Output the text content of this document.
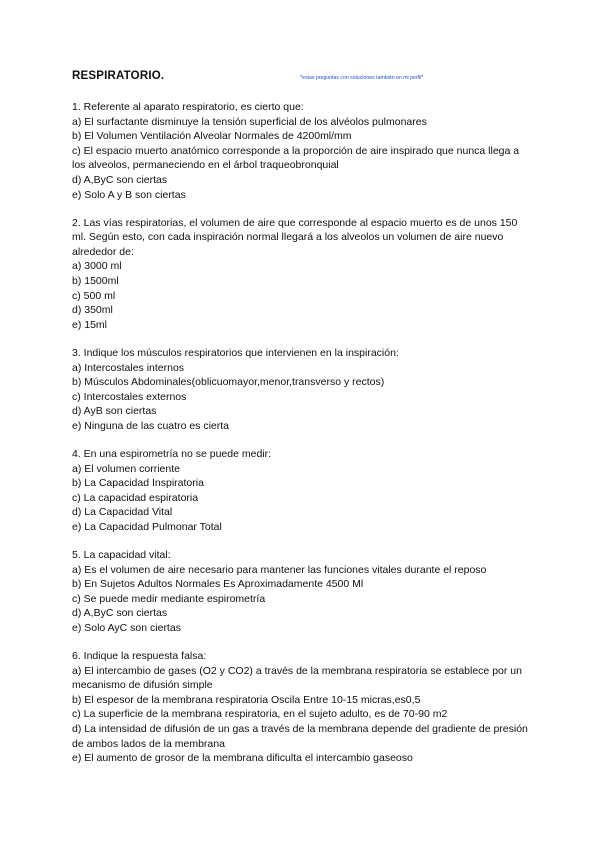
RESPIRATORIO.	*estas preguntas con soluciones también en mi perfil*

1. Referente al aparato respiratorio, es cierto que:

a) El surfactante disminuye la tensión superficial de los alvéolos pulmonares

b) El Volumen Ventilación Alveolar Normales de 4200ml/mm

c) El espacio muerto anatómico corresponde a la proporción de aire inspirado que nunca llega a los alveolos, permaneciendo en el árbol traqueobronquial

d) A,ByC son ciertas

e) Solo A y B son ciertas

2. Las vías respiratorias, el volumen de aire que corresponde al espacio muerto es de unos 150 ml. Según esto, con cada inspiración normal llegará a los alveolos un volumen de aire nuevo alrededor de:

a) 3000 ml

b) 1500ml

c) 500 ml

d) 350ml

e) 15ml

3. Indique los músculos respiratorios que intervienen en la inspiración:

a) Intercostales internos

b) Músculos Abdominales(oblicuomayor,menor,transverso y rectos)

c) Intercostales externos

d) AyB son ciertas

e) Ninguna de las cuatro es cierta

4. En una espirometría no se puede medir:

a) El volumen corriente

b) La Capacidad Inspiratoria

c) La capacidad espiratoria

d) La Capacidad Vital

e) La Capacidad Pulmonar Total

5. La capacidad vital:

a) Es el volumen de aire necesario para mantener las funciones vitales durante el reposo

b) En Sujetos Adultos Normales Es Aproximadamente 4500 Ml

c) Se puede medir mediante espirometría

d) A,ByC son ciertas

e) Solo AyC son ciertas

6. Indique la respuesta falsa:

a) El intercambio de gases (O2 y CO2) a través de la membrana respiratoria se establece por un mecanismo de difusión simple

b) El espesor de la membrana respiratoria Oscila Entre 10-15 micras,es0,5

c) La superficie de la membrana respiratoria, en el sujeto adulto, es de 70-90 m2

d) La intensidad de difusión de un gas a través de la membrana depende del gradiente de presión de ambos lados de la membrana

e) El aumento de grosor de la membrana dificulta el intercambio gaseoso
